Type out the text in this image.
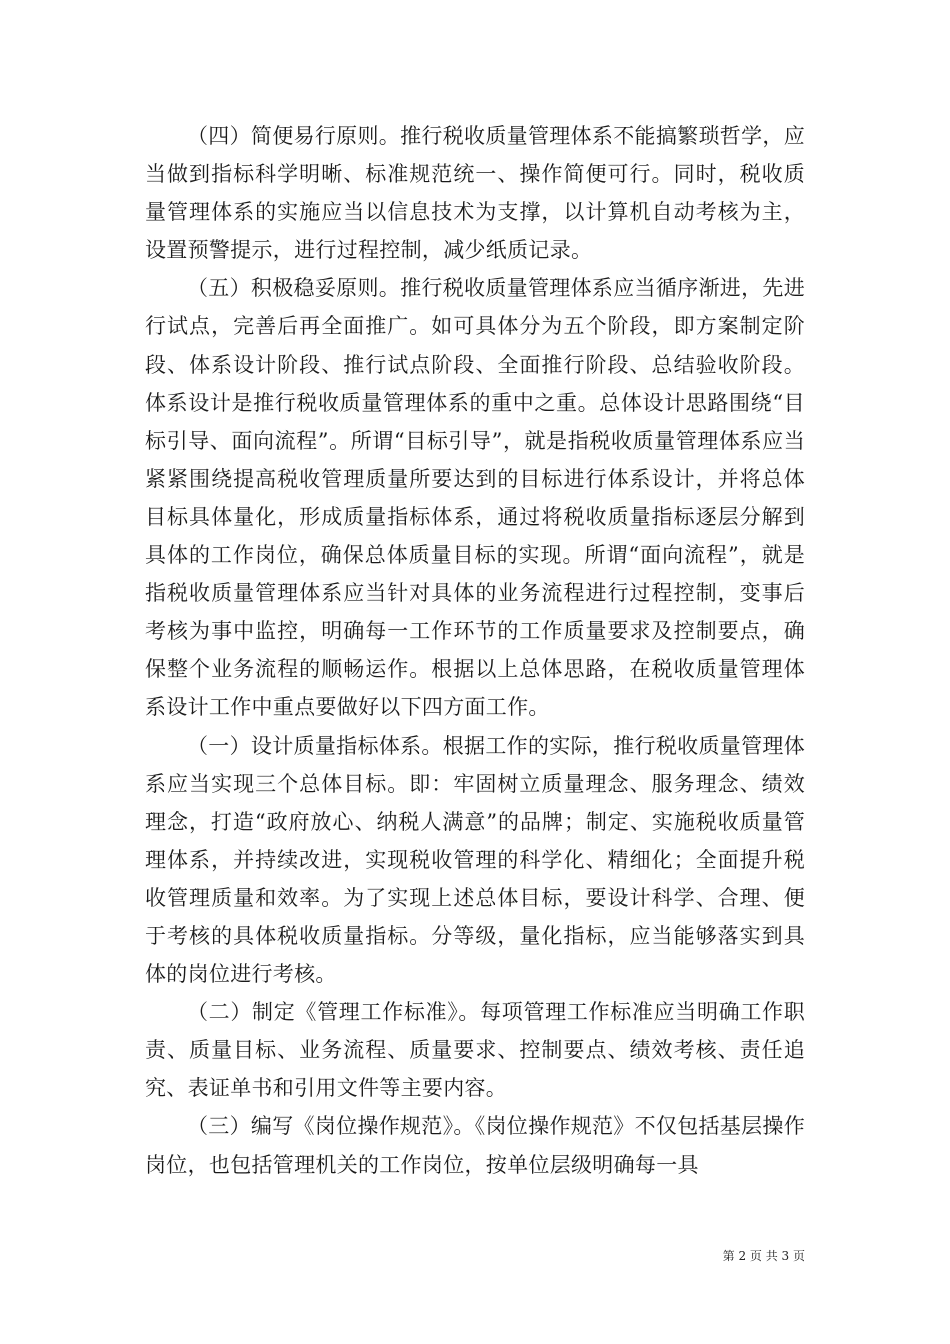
（四）简便易行原则。推行税收质量管理体系不能搞繁琐哲学，应当做到指标科学明晰、标准规范统一、操作简便可行。同时，税收质量管理体系的实施应当以信息技术为支撑，以计算机自动考核为主，设置预警提示，进行过程控制，减少纸质记录。

（五）积极稳妥原则。推行税收质量管理体系应当循序渐进，先进行试点，完善后再全面推广。如可具体分为五个阶段，即方案制定阶段、体系设计阶段、推行试点阶段、全面推行阶段、总结验收阶段。体系设计是推行税收质量管理体系的重中之重。总体设计思路围绕“目标引导、面向流程”。所谓“目标引导”，就是指税收质量管理体系应当紧紧围绕提高税收管理质量所要达到的目标进行体系设计，并将总体目标具体量化，形成质量指标体系，通过将税收质量指标逐层分解到具体的工作岗位，确保总体质量目标的实现。所谓“面向流程”，就是指税收质量管理体系应当针对具体的业务流程进行过程控制，变事后考核为事中监控，明确每一工作环节的工作质量要求及控制要点，确保整个业务流程的顺畅运作。根据以上总体思路，在税收质量管理体系设计工作中重点要做好以下四方面工作。

（一）设计质量指标体系。根据工作的实际，推行税收质量管理体系应当实现三个总体目标。即：牢固树立质量理念、服务理念、绩效理念，打造“政府放心、纳税人满意”的品牌；制定、实施税收质量管理体系，并持续改进，实现税收管理的科学化、精细化；全面提升税收管理质量和效率。为了实现上述总体目标，要设计科学、合理、便于考核的具体税收质量指标。分等级，量化指标，应当能够落实到具体的岗位进行考核。

（二）制定《管理工作标准》。每项管理工作标准应当明确工作职责、质量目标、业务流程、质量要求、控制要点、绩效考核、责任追究、表证单书和引用文件等主要内容。

（三）编写《岗位操作规范》。《岗位操作规范》不仅包括基层操作岗位，也包括管理机关的工作岗位，按单位层级明确每一具

第 2 页 共 3 页
